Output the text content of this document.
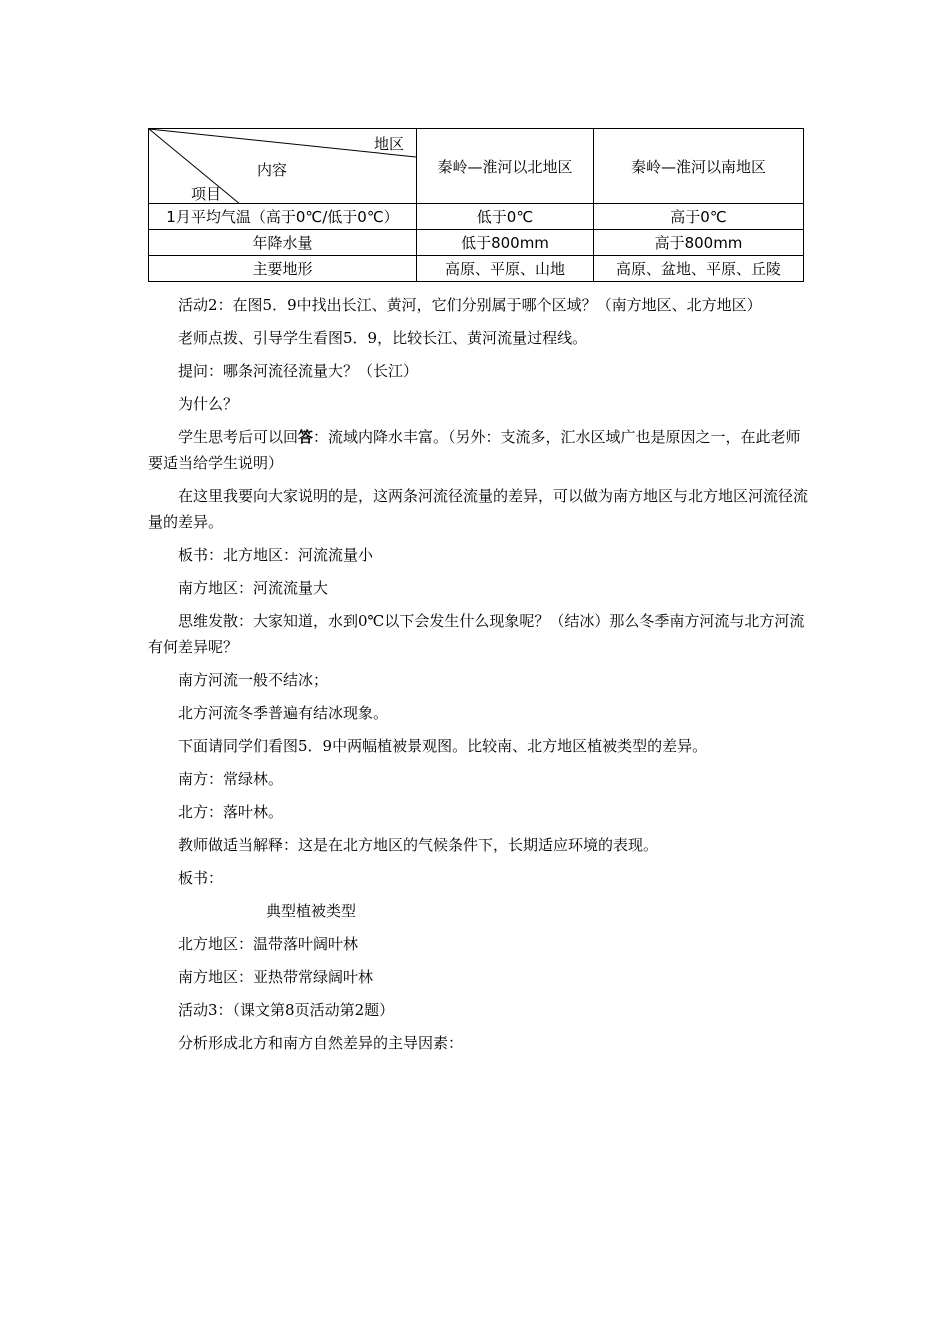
地区
内容
项目	秦岭—淮河以北地区	秦岭—淮河以南地区
1月平均气温（高于0℃/低于0℃）	低于0℃	高于0℃
年降水量	低于800mm	高于800mm
主要地形	高原、平原、山地	高原、盆地、平原、丘陵

活动2：在图5．9中找出长江、黄河，它们分别属于哪个区域？（南方地区、北方地区）

老师点拨、引导学生看图5．9，比较长江、黄河流量过程线。

提问：哪条河流径流量大？（长江）

为什么？

学生思考后可以回答：流域内降水丰富。（另外：支流多，汇水区域广也是原因之一，在此老师要适当给学生说明）

在这里我要向大家说明的是，这两条河流径流量的差异，可以做为南方地区与北方地区河流径流量的差异。

板书：北方地区：河流流量小

南方地区：河流流量大

思维发散：大家知道，水到0℃以下会发生什么现象呢？（结冰）那么冬季南方河流与北方河流有何差异呢？

南方河流一般不结冰；

北方河流冬季普遍有结冰现象。

下面请同学们看图5．9中两幅植被景观图。比较南、北方地区植被类型的差异。

南方：常绿林。

北方：落叶林。

教师做适当解释：这是在北方地区的气候条件下，长期适应环境的表现。

板书：

典型植被类型

北方地区：温带落叶阔叶林

南方地区：亚热带常绿阔叶林

活动3：（课文第8页活动第2题）

分析形成北方和南方自然差异的主导因素：
